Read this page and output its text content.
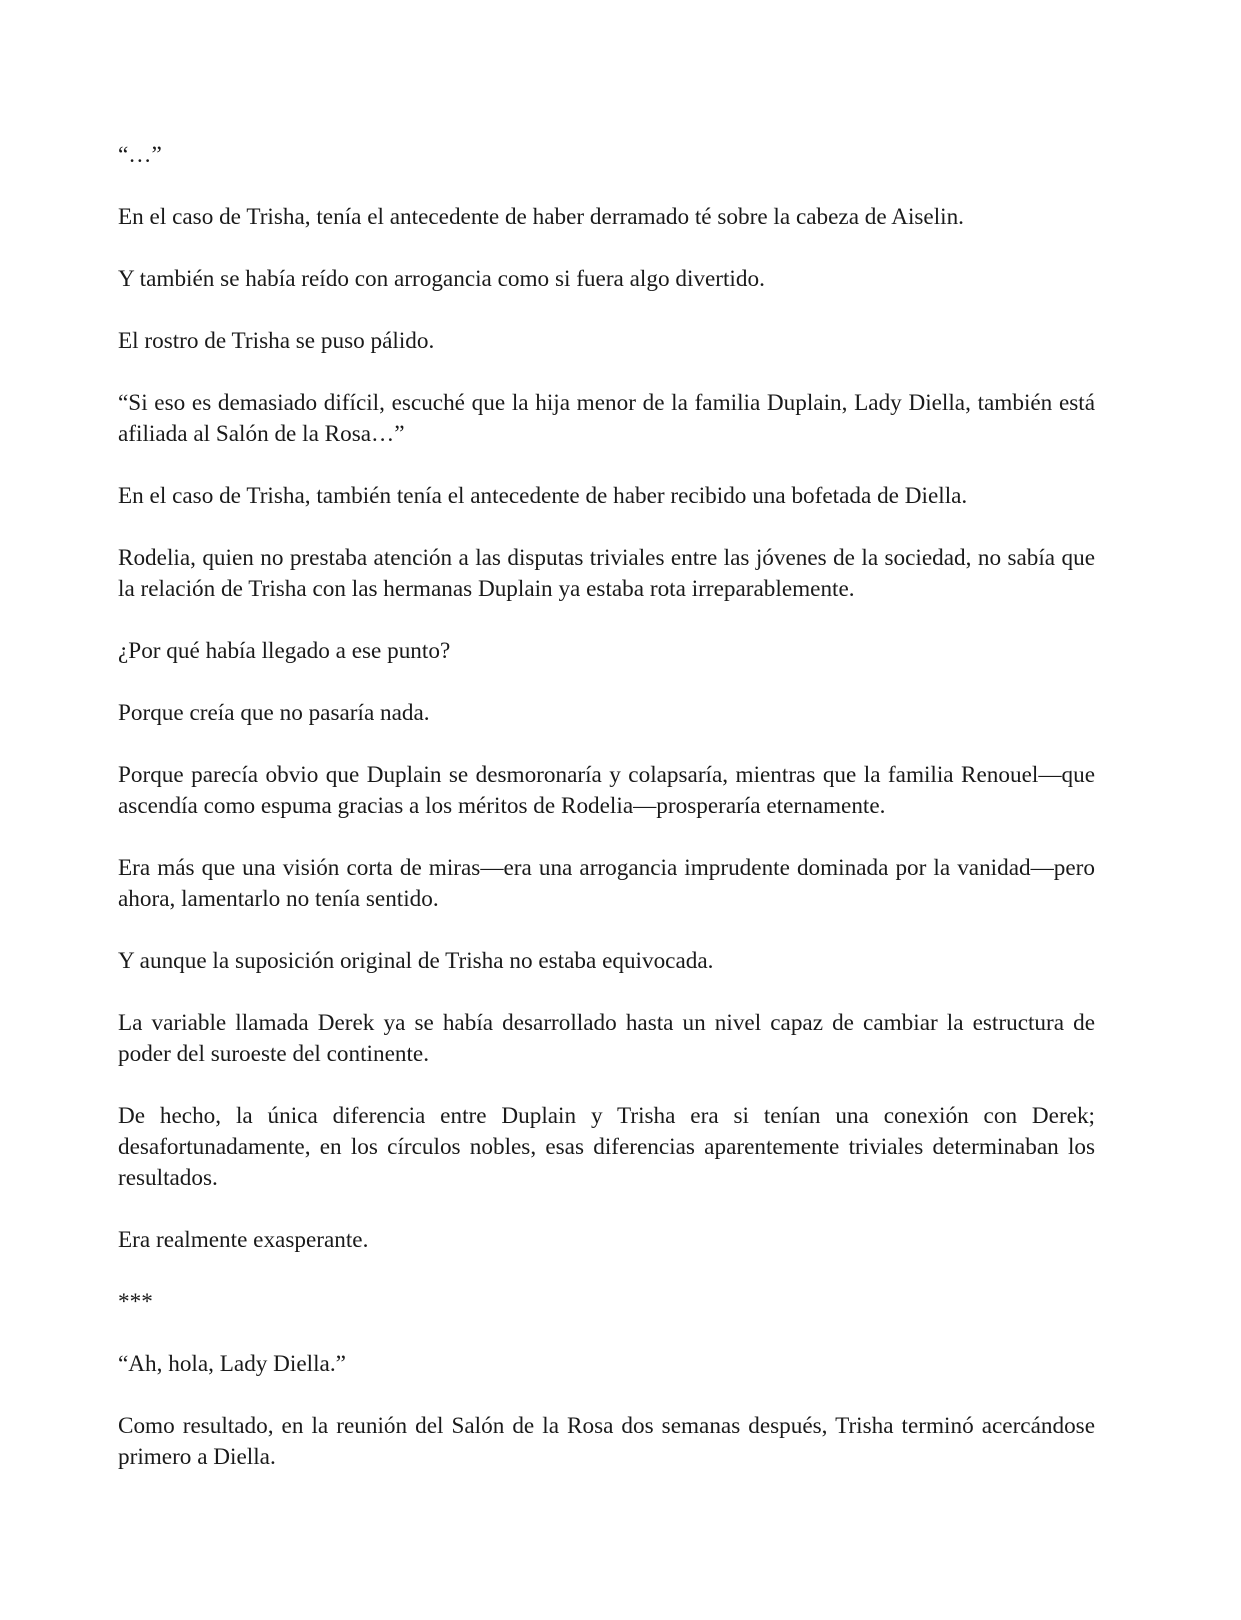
“…”

En el caso de Trisha, tenía el antecedente de haber derramado té sobre la cabeza de Aiselin.

Y también se había reído con arrogancia como si fuera algo divertido.

El rostro de Trisha se puso pálido.

“Si eso es demasiado difícil, escuché que la hija menor de la familia Duplain, Lady Diella, también está afiliada al Salón de la Rosa…”

En el caso de Trisha, también tenía el antecedente de haber recibido una bofetada de Diella.

Rodelia, quien no prestaba atención a las disputas triviales entre las jóvenes de la sociedad, no sabía que la relación de Trisha con las hermanas Duplain ya estaba rota irreparablemente.

¿Por qué había llegado a ese punto?

Porque creía que no pasaría nada.

Porque parecía obvio que Duplain se desmoronaría y colapsaría, mientras que la familia Renouel—que ascendía como espuma gracias a los méritos de Rodelia—prosperaría eternamente.

Era más que una visión corta de miras—era una arrogancia imprudente dominada por la vanidad—pero ahora, lamentarlo no tenía sentido.

Y aunque la suposición original de Trisha no estaba equivocada.

La variable llamada Derek ya se había desarrollado hasta un nivel capaz de cambiar la estructura de poder del suroeste del continente.

De hecho, la única diferencia entre Duplain y Trisha era si tenían una conexión con Derek; desafortunadamente, en los círculos nobles, esas diferencias aparentemente triviales determinaban los resultados.

Era realmente exasperante.

***

“Ah, hola, Lady Diella.”

Como resultado, en la reunión del Salón de la Rosa dos semanas después, Trisha terminó acercándose primero a Diella.
